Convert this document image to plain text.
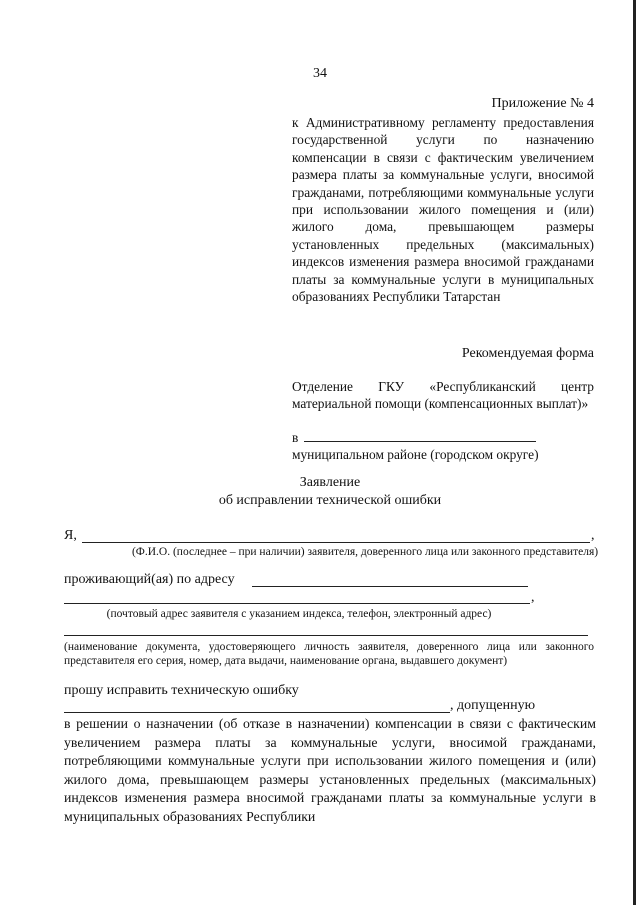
34
Приложение № 4
к Административному регламенту предоставления государственной услуги по назначению компенсации в связи с фактическим увеличением размера платы за коммунальные услуги, вносимой гражданами, потребляющими коммунальные услуги при использовании жилого помещения и (или) жилого дома, превышающем размеры установленных предельных (максимальных) индексов изменения размера вносимой гражданами платы за коммунальные услуги в муниципальных образованиях Республики Татарстан
Рекомендуемая форма
Отделение ГКУ «Республиканский центр материальной помощи (компенсационных выплат)»
в
муниципальном районе (городском округе)
Заявление
об исправлении технической ошибки
Я,	,
(Ф.И.О. (последнее – при наличии) заявителя, доверенного лица или законного представителя)
проживающий(ая) по адресу
,
(почтовый адрес заявителя с указанием индекса, телефон, электронный адрес)
(наименование документа, удостоверяющего личность заявителя, доверенного лица или законного представителя его серия, номер, дата выдачи, наименование органа, выдавшего документ)
прошу исправить техническую ошибку
, допущенную
в решении о назначении (об отказе в назначении) компенсации в связи с фактическим увеличением размера платы за коммунальные услуги, вносимой гражданами, потребляющими коммунальные услуги при использовании жилого помещения и (или) жилого дома, превышающем размеры установленных предельных (максимальных) индексов изменения размера вносимой гражданами платы за коммунальные услуги в муниципальных образованиях Республики
